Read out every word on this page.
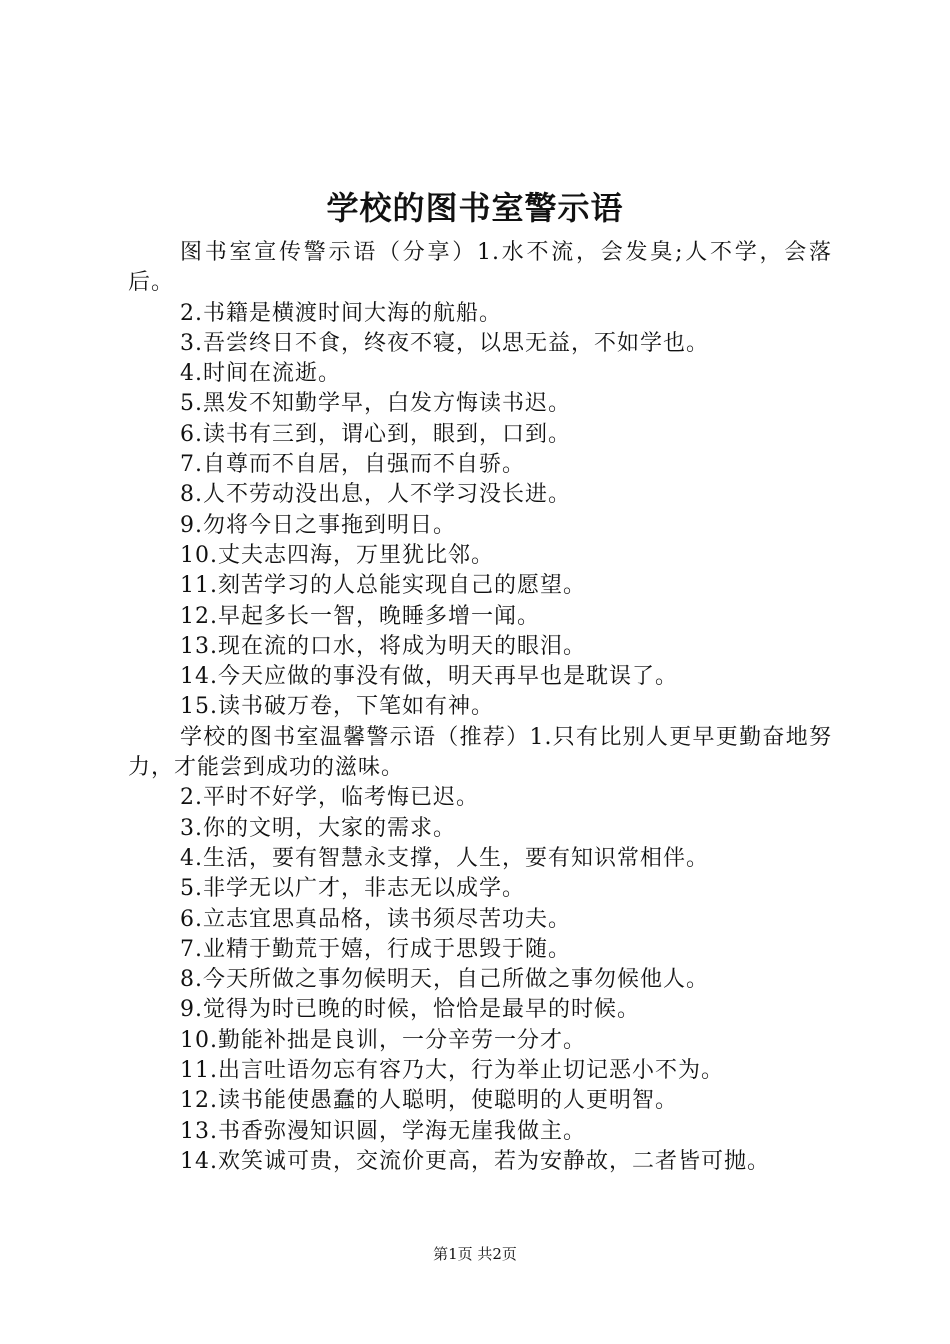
学校的图书室警示语

图书室宣传警示语（分享）1.水不流，会发臭;人不学，会落后。

2.书籍是横渡时间大海的航船。

3.吾尝终日不食，终夜不寝，以思无益，不如学也。

4.时间在流逝。

5.黑发不知勤学早，白发方悔读书迟。

6.读书有三到，谓心到，眼到，口到。

7.自尊而不自居，自强而不自骄。

8.人不劳动没出息，人不学习没长进。

9.勿将今日之事拖到明日。

10.丈夫志四海，万里犹比邻。

11.刻苦学习的人总能实现自己的愿望。

12.早起多长一智，晚睡多增一闻。

13.现在流的口水，将成为明天的眼泪。

14.今天应做的事没有做，明天再早也是耽误了。

15.读书破万卷，下笔如有神。

学校的图书室温馨警示语（推荐）1.只有比别人更早更勤奋地努力，才能尝到成功的滋味。

2.平时不好学，临考悔已迟。

3.你的文明，大家的需求。

4.生活，要有智慧永支撑，人生，要有知识常相伴。

5.非学无以广才，非志无以成学。

6.立志宜思真品格，读书须尽苦功夫。

7.业精于勤荒于嬉，行成于思毁于随。

8.今天所做之事勿候明天，自己所做之事勿候他人。

9.觉得为时已晚的时候，恰恰是最早的时候。

10.勤能补拙是良训，一分辛劳一分才。

11.出言吐语勿忘有容乃大，行为举止切记恶小不为。

12.读书能使愚蠢的人聪明，使聪明的人更明智。

13.书香弥漫知识圆，学海无崖我做主。

14.欢笑诚可贵，交流价更高，若为安静故，二者皆可抛。

第1页 共2页
